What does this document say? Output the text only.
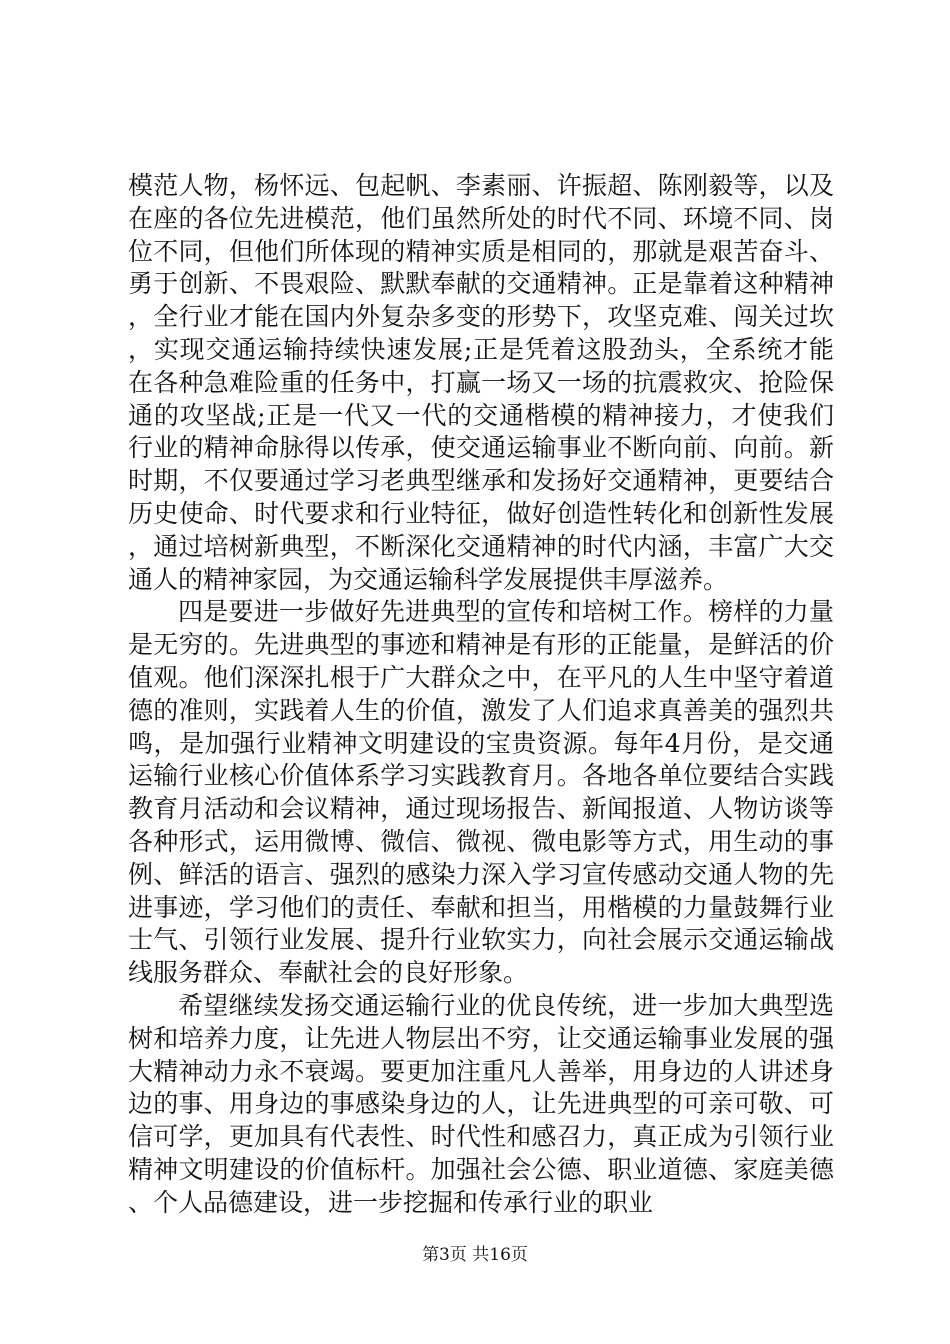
模范人物，杨怀远、包起帆、李素丽、许振超、陈刚毅等，以及在座的各位先进模范，他们虽然所处的时代不同、环境不同、岗位不同，但他们所体现的精神实质是相同的，那就是艰苦奋斗、勇于创新、不畏艰险、默默奉献的交通精神。正是靠着这种精神，全行业才能在国内外复杂多变的形势下，攻坚克难、闯关过坎，实现交通运输持续快速发展;正是凭着这股劲头，全系统才能在各种急难险重的任务中，打赢一场又一场的抗震救灾、抢险保通的攻坚战;正是一代又一代的交通楷模的精神接力，才使我们行业的精神命脉得以传承，使交通运输事业不断向前、向前。新时期，不仅要通过学习老典型继承和发扬好交通精神，更要结合历史使命、时代要求和行业特征，做好创造性转化和创新性发展，通过培树新典型，不断深化交通精神的时代内涵，丰富广大交通人的精神家园，为交通运输科学发展提供丰厚滋养。

四是要进一步做好先进典型的宣传和培树工作。榜样的力量是无穷的。先进典型的事迹和精神是有形的正能量，是鲜活的价值观。他们深深扎根于广大群众之中，在平凡的人生中坚守着道德的准则，实践着人生的价值，激发了人们追求真善美的强烈共鸣，是加强行业精神文明建设的宝贵资源。每年4月份，是交通运输行业核心价值体系学习实践教育月。各地各单位要结合实践教育月活动和会议精神，通过现场报告、新闻报道、人物访谈等各种形式，运用微博、微信、微视、微电影等方式，用生动的事例、鲜活的语言、强烈的感染力深入学习宣传感动交通人物的先进事迹，学习他们的责任、奉献和担当，用楷模的力量鼓舞行业士气、引领行业发展、提升行业软实力，向社会展示交通运输战线服务群众、奉献社会的良好形象。

希望继续发扬交通运输行业的优良传统，进一步加大典型选树和培养力度，让先进人物层出不穷，让交通运输事业发展的强大精神动力永不衰竭。要更加注重凡人善举，用身边的人讲述身边的事、用身边的事感染身边的人，让先进典型的可亲可敬、可信可学，更加具有代表性、时代性和感召力，真正成为引领行业精神文明建设的价值标杆。加强社会公德、职业道德、家庭美德、个人品德建设，进一步挖掘和传承行业的职业

第3页 共16页
